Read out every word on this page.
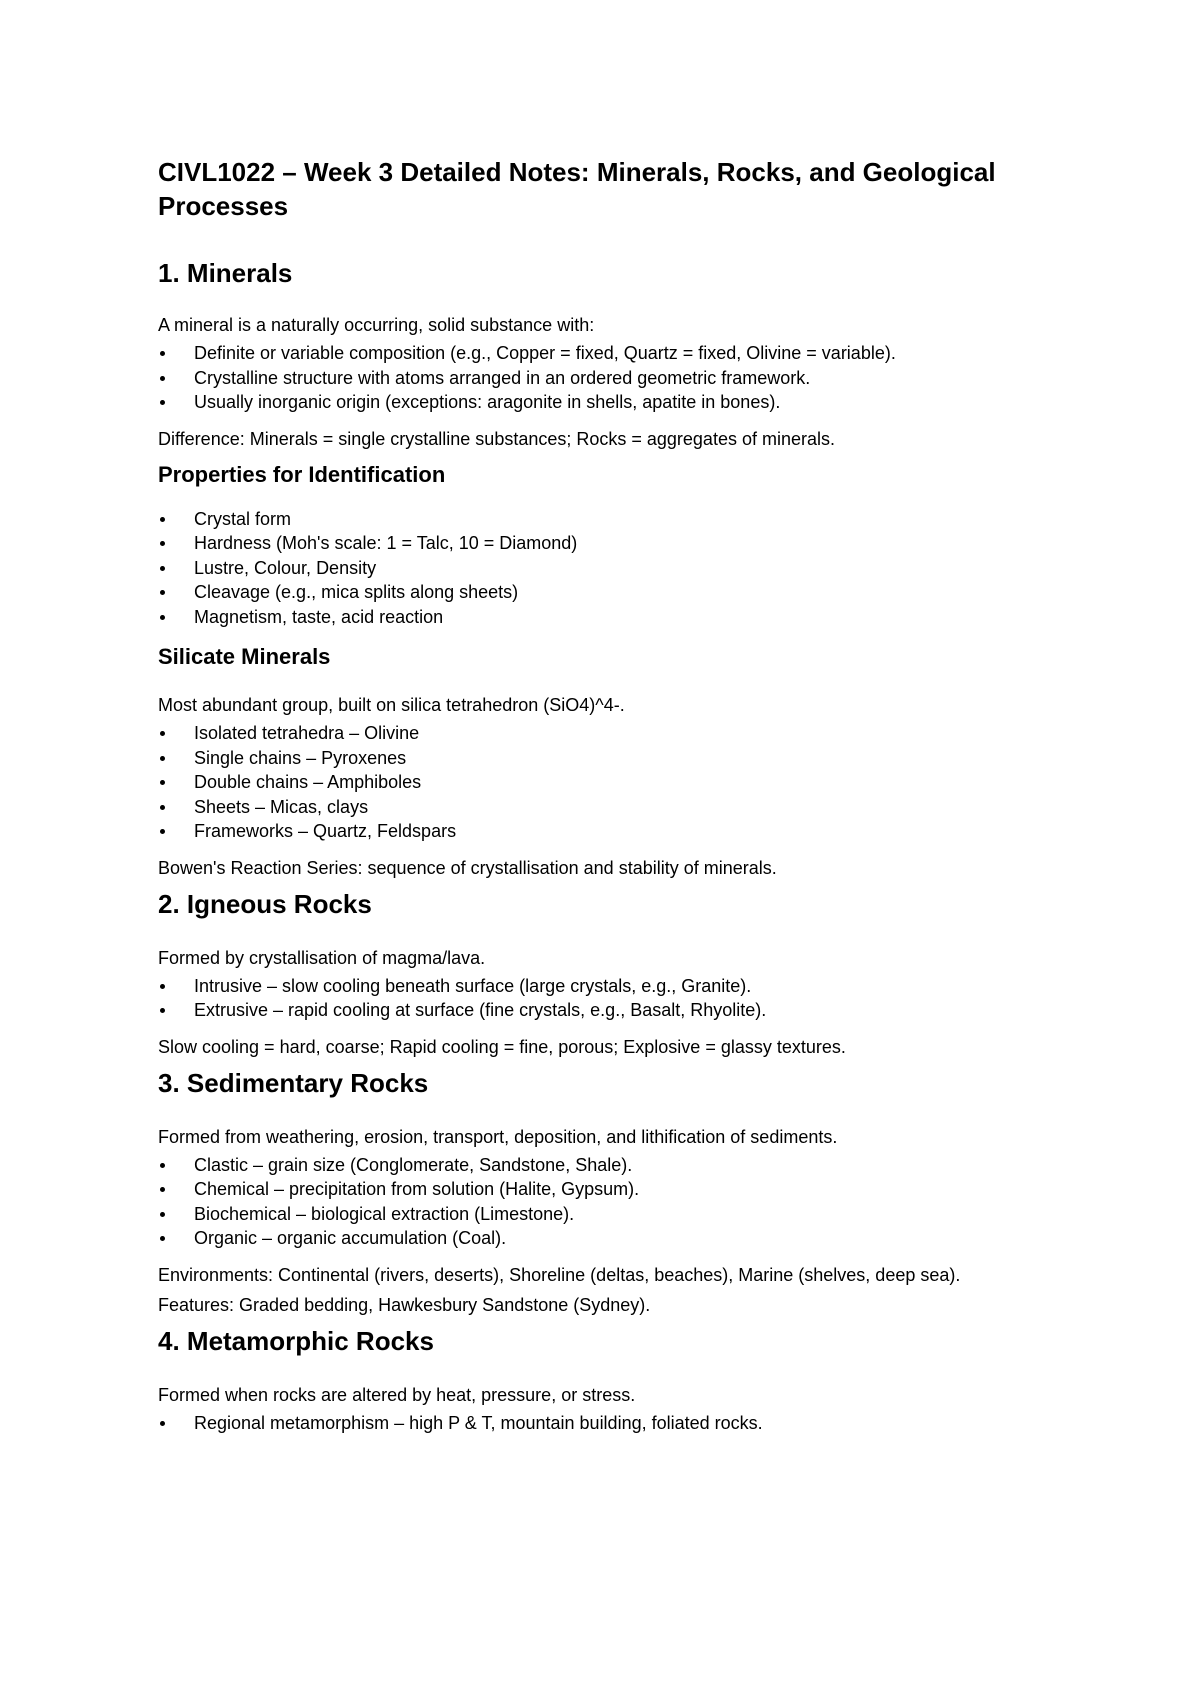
CIVL1022 – Week 3 Detailed Notes: Minerals, Rocks, and Geological Processes
1. Minerals

A mineral is a naturally occurring, solid substance with:

Definite or variable composition (e.g., Copper = fixed, Quartz = fixed, Olivine = variable).
Crystalline structure with atoms arranged in an ordered geometric framework.
Usually inorganic origin (exceptions: aragonite in shells, apatite in bones).

Difference: Minerals = single crystalline substances; Rocks = aggregates of minerals.

Properties for Identification
Crystal form
Hardness (Moh's scale: 1 = Talc, 10 = Diamond)
Lustre, Colour, Density
Cleavage (e.g., mica splits along sheets)
Magnetism, taste, acid reaction
Silicate Minerals

Most abundant group, built on silica tetrahedron (SiO4)^4-.

Isolated tetrahedra – Olivine
Single chains – Pyroxenes
Double chains – Amphiboles
Sheets – Micas, clays
Frameworks – Quartz, Feldspars

Bowen's Reaction Series: sequence of crystallisation and stability of minerals.

2. Igneous Rocks

Formed by crystallisation of magma/lava.

Intrusive – slow cooling beneath surface (large crystals, e.g., Granite).
Extrusive – rapid cooling at surface (fine crystals, e.g., Basalt, Rhyolite).

Slow cooling = hard, coarse; Rapid cooling = fine, porous; Explosive = glassy textures.

3. Sedimentary Rocks

Formed from weathering, erosion, transport, deposition, and lithification of sediments.

Clastic – grain size (Conglomerate, Sandstone, Shale).
Chemical – precipitation from solution (Halite, Gypsum).
Biochemical – biological extraction (Limestone).
Organic – organic accumulation (Coal).

Environments: Continental (rivers, deserts), Shoreline (deltas, beaches), Marine (shelves, deep sea).

Features: Graded bedding, Hawkesbury Sandstone (Sydney).

4. Metamorphic Rocks

Formed when rocks are altered by heat, pressure, or stress.

Regional metamorphism – high P & T, mountain building, foliated rocks.
